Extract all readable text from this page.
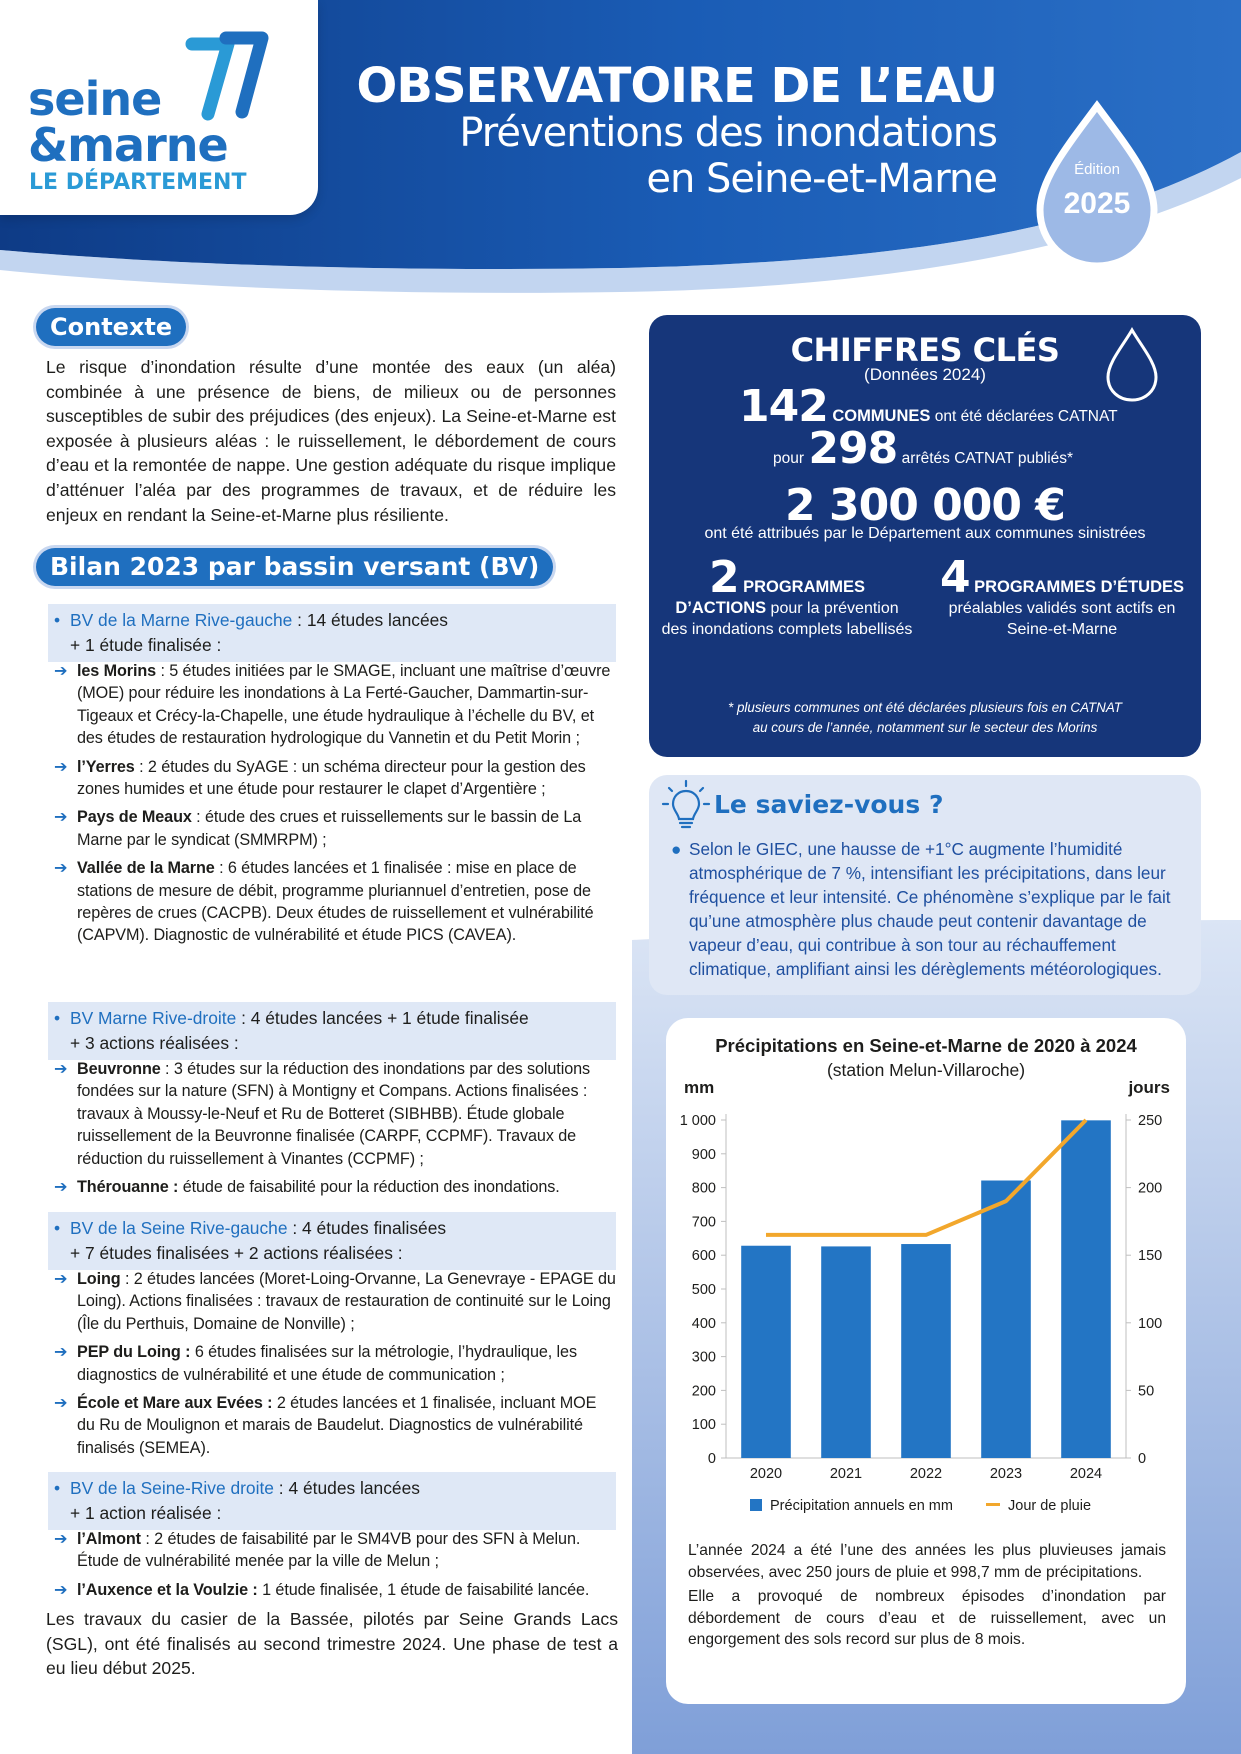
seine
&marne
LE DÉPARTEMENT
OBSERVATOIRE DE L’EAU
Préventions des inondations
en Seine-et-Marne	Édition
2025
Contexte
Le risque d’inondation résulte d’une montée des eaux (un aléa) combinée à une présence de biens, de milieux ou de personnes susceptibles de subir des préjudices (des enjeux). La Seine-et-Marne est exposée à plusieurs aléas : le ruissellement, le débordement de cours d’eau et la remontée de nappe. Une gestion adéquate du risque implique d’atténuer l’aléa par des programmes de travaux, et de réduire les enjeux en rendant la Seine-et-Marne plus résiliente.
Bilan 2023 par bassin versant (BV)
• BV de la Marne Rive-gauche : 14 études lancées
+ 1 étude finalisée :
➔ les Morins : 5 études initiées par le SMAGE, incluant une maîtrise d’œuvre (MOE) pour réduire les inondations à La Ferté-Gaucher, Dammartin-sur-Tigeaux et Crécy-la-Chapelle, une étude hydraulique à l’échelle du BV, et des études de restauration hydrologique du Vannetin et du Petit Morin ;
➔ l’Yerres : 2 études du SyAGE : un schéma directeur pour la gestion des zones humides et une étude pour restaurer le clapet d’Argentière ;
➔ Pays de Meaux : étude des crues et ruissellements sur le bassin de La Marne par le syndicat (SMMRPM) ;
➔ Vallée de la Marne : 6 études lancées et 1 finalisée : mise en place de stations de mesure de débit, programme pluriannuel d’entretien, pose de repères de crues (CACPB). Deux études de ruissellement et vulnérabilité (CAPVM). Diagnostic de vulnérabilité et étude PICS (CAVEA).
• BV Marne Rive-droite : 4 études lancées + 1 étude finalisée
+ 3 actions réalisées :
➔ Beuvronne : 3 études sur la réduction des inondations par des solutions fondées sur la nature (SFN) à Montigny et Compans. Actions finalisées : travaux à Moussy-le-Neuf et Ru de Botteret (SIBHBB). Étude globale ruissellement de la Beuvronne finalisée (CARPF, CCPMF). Travaux de réduction du ruissellement à Vinantes (CCPMF) ;
➔ Thérouanne : étude de faisabilité pour la réduction des inondations.
• BV de la Seine Rive-gauche : 4 études finalisées
+ 7 études finalisées + 2 actions réalisées :
➔ Loing : 2 études lancées (Moret-Loing-Orvanne, La Genevraye - EPAGE du Loing). Actions finalisées : travaux de restauration de continuité sur le Loing (Île du Perthuis, Domaine de Nonville) ;
➔ PEP du Loing : 6 études finalisées sur la métrologie, l’hydraulique, les diagnostics de vulnérabilité et une étude de communication ;
➔ École et Mare aux Evées : 2 études lancées et 1 finalisée, incluant MOE du Ru de Moulignon et marais de Baudelut. Diagnostics de vulnérabilité finalisés (SEMEA).
• BV de la Seine-Rive droite : 4 études lancées
+ 1 action réalisée :
➔ l’Almont : 2 études de faisabilité par le SM4VB pour des SFN à Melun. Étude de vulnérabilité menée par la ville de Melun ;
➔ l’Auxence et la Voulzie : 1 étude finalisée, 1 étude de faisabilité lancée.
Les travaux du casier de la Bassée, pilotés par Seine Grands Lacs (SGL), ont été finalisés au second trimestre 2024. Une phase de test a eu lieu début 2025.
CHIFFRES CLÉS
(Données 2024)
142 COMMUNES ont été déclarées CATNAT
pour 298 arrêtés CATNAT publiés*
2 300 000 €
ont été attribués par le Département aux communes sinistrées
2 PROGRAMMES
D’ACTIONS pour la prévention des inondations complets labellisés
4 PROGRAMMES D’ÉTUDES
préalables validés sont actifs en Seine-et-Marne
* plusieurs communes ont été déclarées plusieurs fois en CATNAT
au cours de l’année, notamment sur le secteur des Morins
Le saviez-vous ?
● Selon le GIEC, une hausse de +1°C augmente l’humidité atmosphérique de 7 %, intensifiant les précipitations, dans leur fréquence et leur intensité. Ce phénomène s’explique par le fait qu’une atmosphère plus chaude peut contenir davantage de vapeur d’eau, qui contribue à son tour au réchauffement climatique, amplifiant ainsi les dérèglements météorologiques.
Précipitations en Seine-et-Marne de 2020 à 2024
(station Melun-Villaroche)
mm	jours
0
100
200
300
400
500
600
700
800
900
1 000
0
50
100
150
200
250
2020	2021	2022	2023	2024
Précipitation annuels en mm	Jour de pluie
L’année 2024 a été l’une des années les plus pluvieuses jamais observées, avec 250 jours de pluie et 998,7 mm de précipitations.
Elle a provoqué de nombreux épisodes d’inondation par débordement de cours d’eau et de ruissellement, avec un engorgement des sols record sur plus de 8 mois.
